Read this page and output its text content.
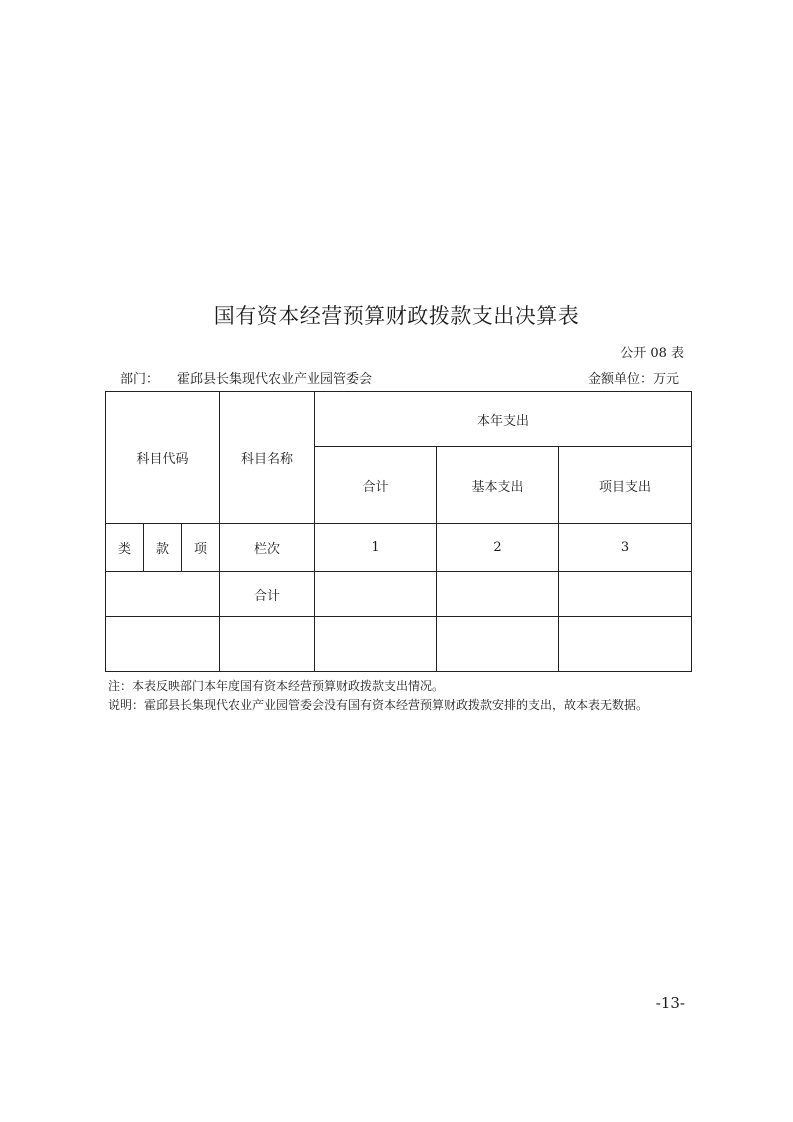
国有资本经营预算财政拨款支出决算表
公开 08 表
部门： 霍邱县长集现代农业产业园管委会	金额单位：万元
科目代码			科目名称	本年支出		
				合计	基本支出	项目支出
类	款	项	栏次	1	2	3
			合计			

注：本表反映部门本年度国有资本经营预算财政拨款支出情况。
说明：霍邱县长集现代农业产业园管委会没有国有资本经营预算财政拨款安排的支出，故本表无数据。
-13-
